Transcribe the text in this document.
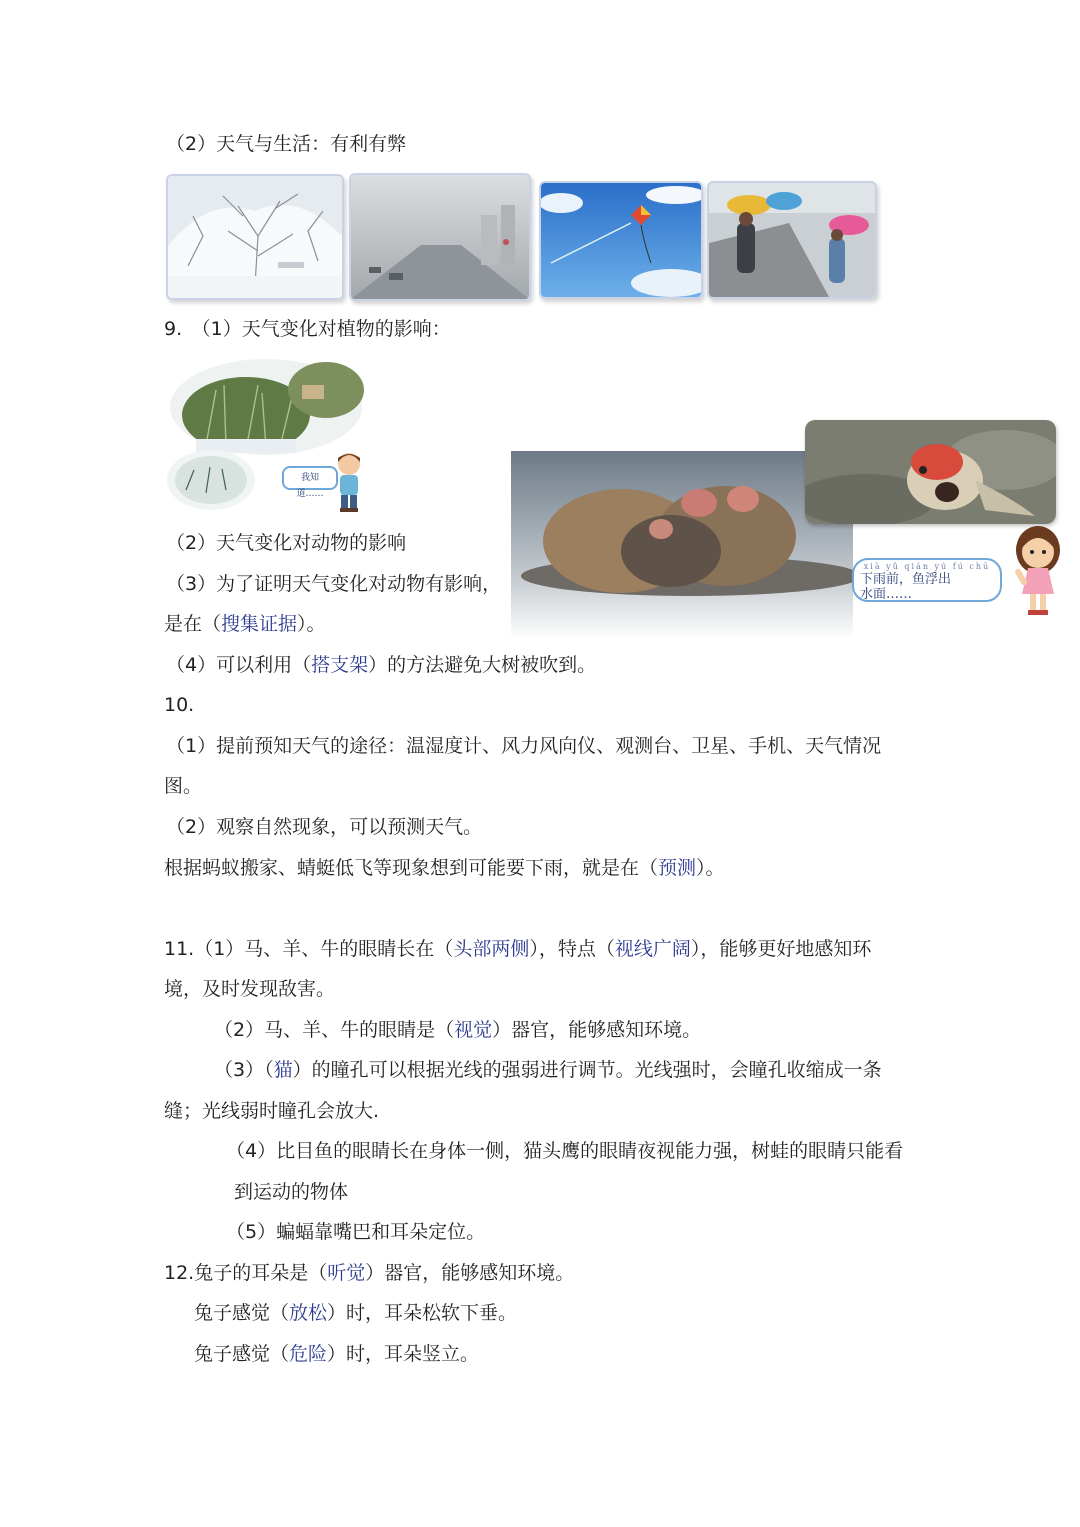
（2）天气与生活：有利有弊
9.　（1）天气变化对植物的影响：
我知道……
xià yǔ qián yú fú chū
下雨前，鱼浮出
水面……
（2）天气变化对动物的影响
（3）为了证明天气变化对动物有影响，
是在（搜集证据）。
（4）可以利用（搭支架）的方法避免大树被吹到。
10.
（1）提前预知天气的途径：温湿度计、风力风向仪、观测台、卫星、手机、天气情况
图。
（2）观察自然现象，可以预测天气。
根据蚂蚁搬家、蜻蜓低飞等现象想到可能要下雨，就是在（预测）。
11.（1）马、羊、牛的眼睛长在（头部两侧），特点（视线广阔），能够更好地感知环
境，及时发现敌害。
（2）马、羊、牛的眼睛是（视觉）器官，能够感知环境。
（3）（猫）的瞳孔可以根据光线的强弱进行调节。光线强时，会瞳孔收缩成一条
缝；光线弱时瞳孔会放大.
（4）比目鱼的眼睛长在身体一侧，猫头鹰的眼睛夜视能力强，树蛙的眼睛只能看
到运动的物体
（5）蝙蝠靠嘴巴和耳朵定位。
12.兔子的耳朵是（听觉）器官，能够感知环境。
兔子感觉（放松）时，耳朵松软下垂。
兔子感觉（危险）时，耳朵竖立。
